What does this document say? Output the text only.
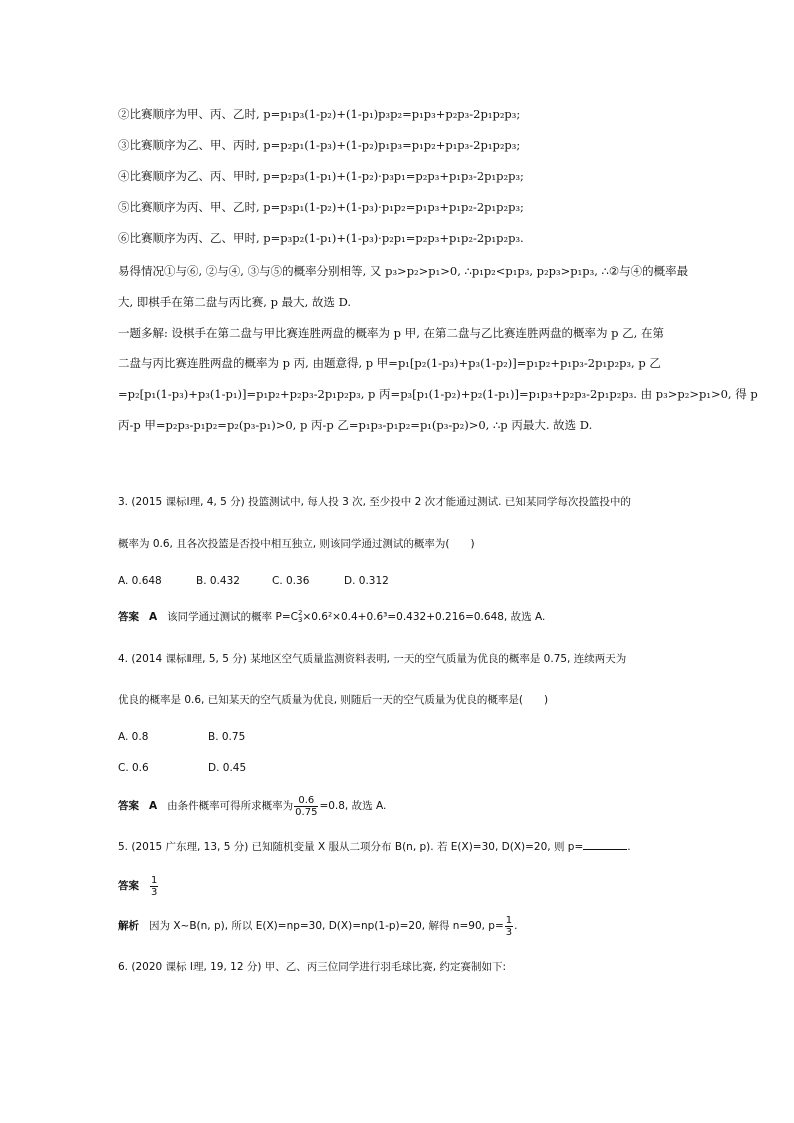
②比赛顺序为甲、丙、乙时, p=p₁p₃(1-p₂)+(1-p₁)p₃p₂=p₁p₃+p₂p₃-2p₁p₂p₃;
③比赛顺序为乙、甲、丙时, p=p₂p₁(1-p₃)+(1-p₂)p₁p₃=p₁p₂+p₁p₃-2p₁p₂p₃;
④比赛顺序为乙、丙、甲时, p=p₂p₃(1-p₁)+(1-p₂)·p₃p₁=p₂p₃+p₁p₃-2p₁p₂p₃;
⑤比赛顺序为丙、甲、乙时, p=p₃p₁(1-p₂)+(1-p₃)·p₁p₂=p₁p₃+p₁p₂-2p₁p₂p₃;
⑥比赛顺序为丙、乙、甲时, p=p₃p₂(1-p₁)+(1-p₃)·p₂p₁=p₂p₃+p₁p₂-2p₁p₂p₃.
易得情况①与⑥, ②与④, ③与⑤的概率分别相等, 又 p₃>p₂>p₁>0, ∴p₁p₂<p₁p₃, p₂p₃>p₁p₃, ∴②与④的概率最
大, 即棋手在第二盘与丙比赛, p 最大, 故选 D.
一题多解: 设棋手在第二盘与甲比赛连胜两盘的概率为 p 甲, 在第二盘与乙比赛连胜两盘的概率为 p 乙, 在第
二盘与丙比赛连胜两盘的概率为 p 丙, 由题意得, p 甲=p₁[p₂(1-p₃)+p₃(1-p₂)]=p₁p₂+p₁p₃-2p₁p₂p₃, p 乙
=p₂[p₁(1-p₃)+p₃(1-p₁)]=p₁p₂+p₂p₃-2p₁p₂p₃, p 丙=p₃[p₁(1-p₂)+p₂(1-p₁)]=p₁p₃+p₂p₃-2p₁p₂p₃. 由 p₃>p₂>p₁>0, 得 p
丙-p 甲=p₂p₃-p₁p₂=p₂(p₃-p₁)>0, p 丙-p 乙=p₁p₃-p₁p₂=p₁(p₃-p₂)>0, ∴p 丙最大. 故选 D.
3. (2015 课标Ⅰ理, 4, 5 分) 投篮测试中, 每人投 3 次, 至少投中 2 次才能通过测试. 已知某同学每次投篮投中的
概率为 0.6, 且各次投篮是否投中相互独立, 则该同学通过测试的概率为(　　)
A. 0.648	B. 0.432	C. 0.36	D. 0.312
答案 A 该同学通过测试的概率 P=C 2
3 ×0.6²×0.4+0.6³=0.432+0.216=0.648, 故选 A.
4. (2014 课标Ⅱ理, 5, 5 分) 某地区空气质量监测资料表明, 一天的空气质量为优良的概率是 0.75, 连续两天为
优良的概率是 0.6, 已知某天的空气质量为优良, 则随后一天的空气质量为优良的概率是(　　)
A. 0.8	B. 0.75
C. 0.6	D. 0.45
答案 A 由条件概率可得所求概率为 $\frac{0.6}{0.75} =0.8$, 故选 A.
5. (2015 广东理, 13, 5 分) 已知随机变量 X 服从二项分布 B(n, p). 若 E(X)=30, D(X)=20, 则 p=	.
答案 $\frac{1}{3}$
解析 因为 X~B(n, p), 所以 E(X)=np=30, D(X)=np(1-p)=20, 解得 n=90, $p= \frac{1}{3}$ .
6. (2020 课标 Ⅰ理, 19, 12 分) 甲、乙、丙三位同学进行羽毛球比赛, 约定赛制如下:
